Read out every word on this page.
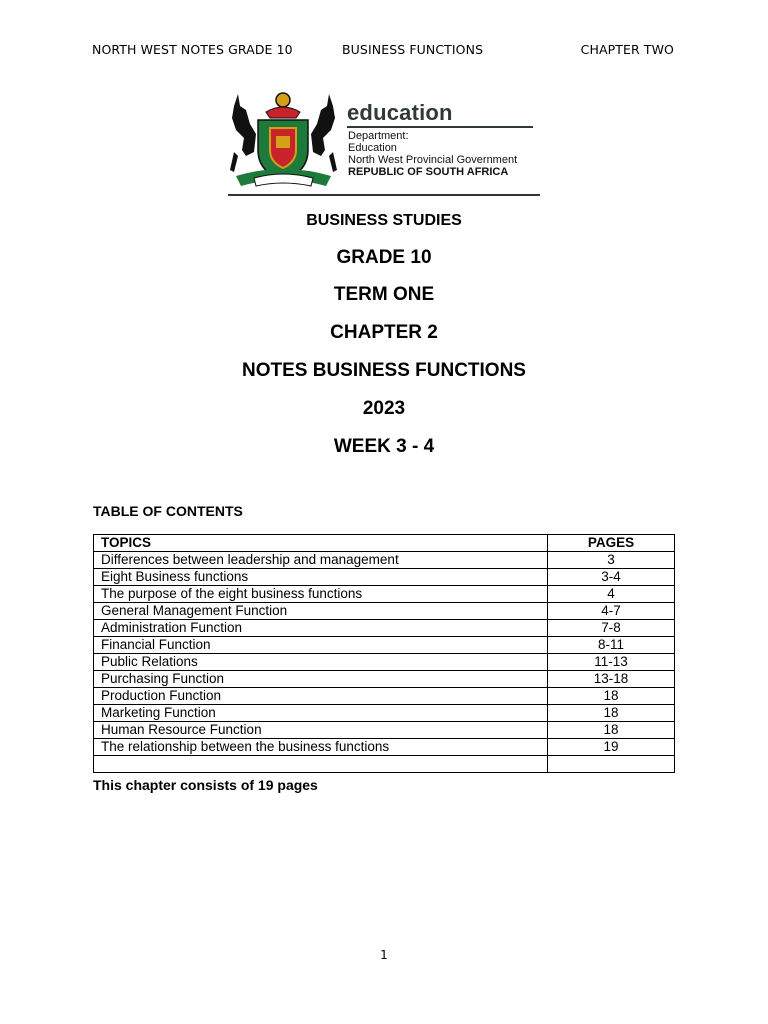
NORTH WEST NOTES GRADE 10	BUSINESS FUNCTIONS	CHAPTER TWO
education
Department:
Education
North West Provincial Government
REPUBLIC OF SOUTH AFRICA
BUSINESS STUDIES
GRADE 10
TERM ONE
CHAPTER 2
NOTES BUSINESS FUNCTIONS
2023
WEEK 3 - 4
TABLE OF CONTENTS
TOPICS	PAGES
Differences between leadership and management	3
Eight Business functions	3-4
The purpose of the eight business functions	4
General Management Function	4-7
Administration Function	7-8
Financial Function	8-11
Public Relations	11-13
Purchasing Function	13-18
Production Function	18
Marketing Function	18
Human Resource Function	18
The relationship between the business functions	19

This chapter consists of 19 pages
1
